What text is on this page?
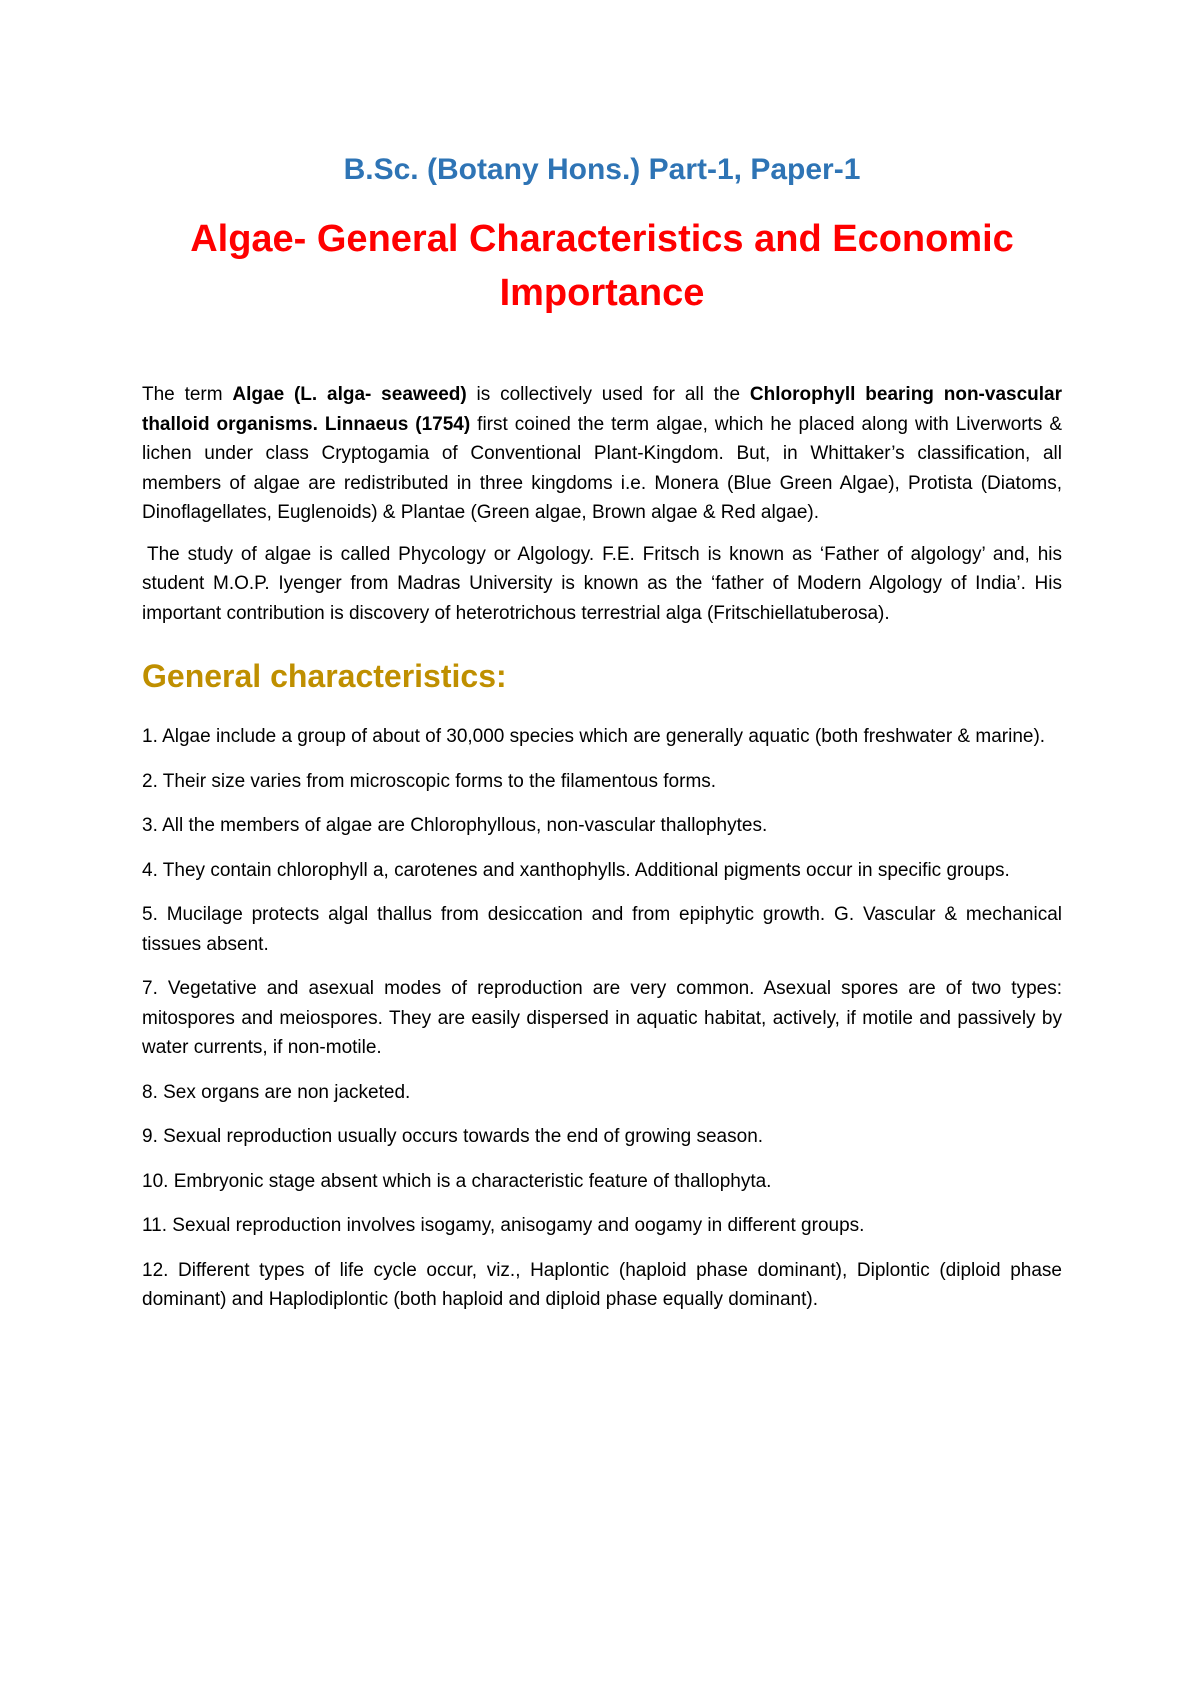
B.Sc. (Botany Hons.) Part-1, Paper-1
Algae- General Characteristics and Economic Importance

The term Algae (L. alga- seaweed) is collectively used for all the Chlorophyll bearing non-vascular thalloid organisms. Linnaeus (1754) first coined the term algae, which he placed along with Liverworts & lichen under class Cryptogamia of Conventional Plant-Kingdom. But, in Whittaker’s classification, all members of algae are redistributed in three kingdoms i.e. Monera (Blue Green Algae), Protista (Diatoms, Dinoflagellates, Euglenoids) & Plantae (Green algae, Brown algae & Red algae).

The study of algae is called Phycology or Algology. F.E. Fritsch is known as ‘Father of algology’ and, his student M.O.P. Iyenger from Madras University is known as the ‘father of Modern Algology of India’. His important contribution is discovery of heterotrichous terrestrial alga (Fritschiellatuberosa).

General characteristics:
1. Algae include a group of about of 30,000 species which are generally aquatic (both freshwater & marine).
2. Their size varies from microscopic forms to the filamentous forms.
3. All the members of algae are Chlorophyllous, non-vascular thallophytes.
4. They contain chlorophyll a, carotenes and xanthophylls. Additional pigments occur in specific groups.
5. Mucilage protects algal thallus from desiccation and from epiphytic growth. G. Vascular & mechanical tissues absent.
7. Vegetative and asexual modes of reproduction are very common. Asexual spores are of two types: mitospores and meiospores. They are easily dispersed in aquatic habitat, actively, if motile and passively by water currents, if non-motile.
8. Sex organs are non jacketed.
9. Sexual reproduction usually occurs towards the end of growing season.
10. Embryonic stage absent which is a characteristic feature of thallophyta.
11. Sexual reproduction involves isogamy, anisogamy and oogamy in different groups.
12. Different types of life cycle occur, viz., Haplontic (haploid phase dominant), Diplontic (diploid phase dominant) and Haplodiplontic (both haploid and diploid phase equally dominant).
